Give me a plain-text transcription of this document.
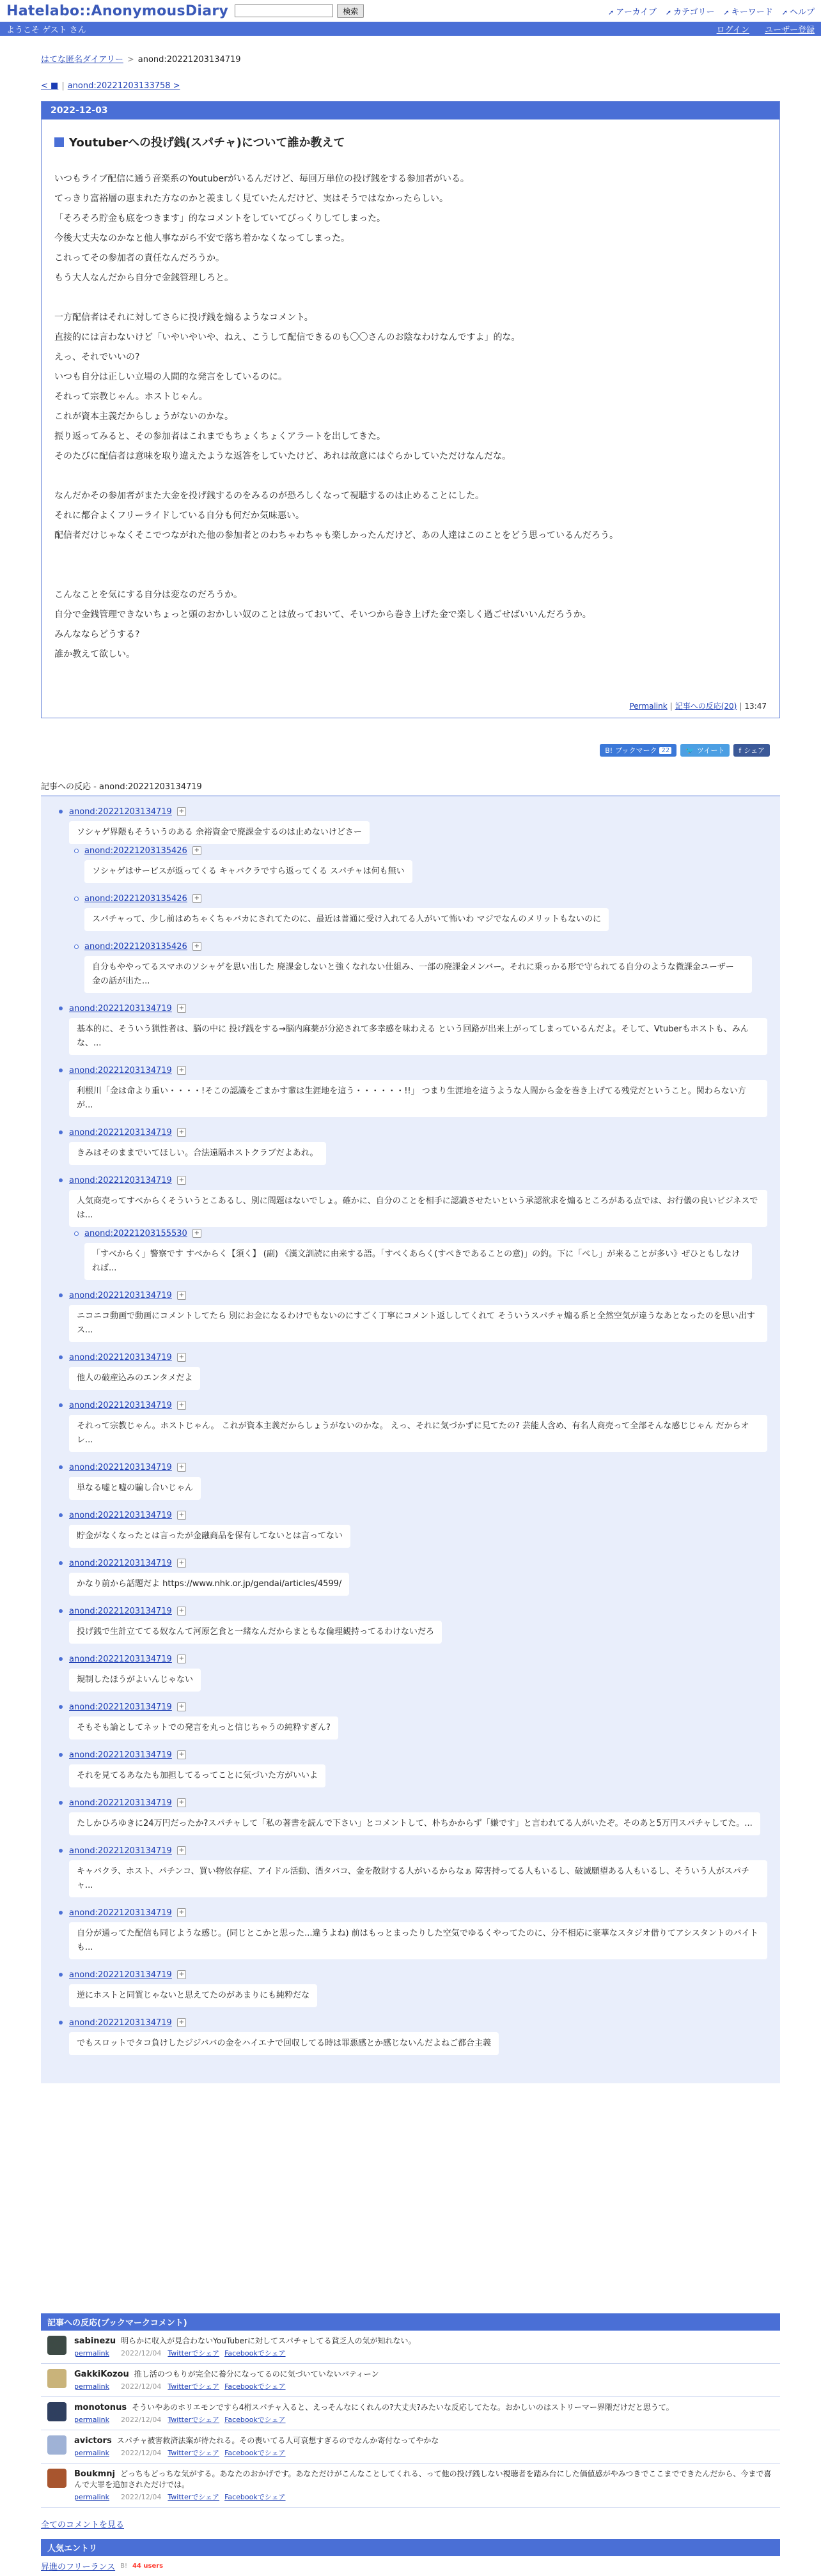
Hatelabo::AnonymousDiary	検索	➚ アーカイブ ➚ カテゴリー ➚ キーワード ➚ ヘルプ
ようこそ ゲスト さん	ログイン ユーザー登録
はてな匿名ダイアリー > anond:20221203134719
< ■ | anond:20221203133758 >
2022-12-03
Youtuberへの投げ銭(スパチャ)について誰か教えて

いつもライブ配信に通う音楽系のYoutuberがいるんだけど、毎回万単位の投げ銭をする参加者がいる。

てっきり富裕層の恵まれた方なのかと羨ましく見ていたんだけど、実はそうではなかったらしい。

「そろそろ貯金も底をつきます」的なコメントをしていてびっくりしてしまった。

今後大丈夫なのかなと他人事ながら不安で落ち着かなくなってしまった。

これってその参加者の責任なんだろうか。

もう大人なんだから自分で金銭管理しろと。

一方配信者はそれに対してさらに投げ銭を煽るようなコメント。

直接的には言わないけど「いやいやいや、ねえ、こうして配信できるのも〇〇さんのお陰なわけなんですよ」的な。

えっ、それでいいの?

いつも自分は正しい立場の人間的な発言をしているのに。

それって宗教じゃん。ホストじゃん。

これが資本主義だからしょうがないのかな。

振り返ってみると、その参加者はこれまでもちょくちょくアラートを出してきた。

そのたびに配信者は意味を取り違えたような返答をしていたけど、あれは故意にはぐらかしていただけなんだな。

なんだかその参加者がまた大金を投げ銭するのをみるのが恐ろしくなって視聴するのは止めることにした。

それに都合よくフリーライドしている自分も何だか気味悪い。

配信者だけじゃなくそこでつながれた他の参加者とのわちゃわちゃも楽しかったんだけど、あの人達はこのことをどう思っているんだろう。

こんなことを気にする自分は変なのだろうか。

自分で金銭管理できないちょっと頭のおかしい奴のことは放っておいて、そいつから巻き上げた金で楽しく過ごせばいいんだろうか。

みんなならどうする?

誰か教えて欲しい。

Permalink | 記事への反応(20) | 13:47
B! ブックマーク 22 🐦 ツイート f シェア
記事への反応 - anond:20221203134719
anond:20221203134719 +
ソシャゲ界隈もそういうのある 余裕資金で廃課金するのは止めないけどさー
anond:20221203135426 +
ソシャゲはサービスが返ってくる キャバクラですら返ってくる スパチャは何も無い
anond:20221203135426 +
スパチャって、少し前はめちゃくちゃバカにされてたのに、最近は普通に受け入れてる人がいて怖いわ マジでなんのメリットもないのに
anond:20221203135426 +
自分もややってるスマホのソシャゲを思い出した 廃課金しないと強くなれない仕組み、一部の廃課金メンバー。それに乗っかる形で守られてる自分のような微課金ユーザー 金の話が出た...
anond:20221203134719 +
基本的に、そういう猟性者は、脳の中に 投げ銭をする→脳内麻薬が分泌されて多幸感を味わえる という回路が出来上がってしまっているんだよ。そして、Vtuberもホストも、みんな、...
anond:20221203134719 +
利根川「金は命より重い・・・・!そこの認識をごまかす輩は生涯地を這う・・・・・・!!」 つまり生涯地を這うような人間から金を巻き上げてる残党だということ。関わらない方が...
anond:20221203134719 +
きみはそのままでいてほしい。合法遠隔ホストクラブだよあれ。
anond:20221203134719 +
人気商売ってすべからくそういうとこあるし、別に問題はないでしょ。確かに、自分のことを相手に認識させたいという承認欲求を煽るところがある点では、お行儀の良いビジネスでは...
anond:20221203155530 +
「すべからく」警察です すべからく【須く】 (副) 《漢文訓読に由来する語。「すべくあらく(すべきであることの意)」の約。下に「べし」が来ることが多い》ぜひともしなければ...
anond:20221203134719 +
ニコニコ動画で動画にコメントしてたら 別にお金になるわけでもないのにすごく丁寧にコメント返ししてくれて そういうスパチャ煽る系と全然空気が違うなあとなったのを思い出す ス...
anond:20221203134719 +
他人の破産込みのエンタメだよ
anond:20221203134719 +
それって宗教じゃん。ホストじゃん。 これが資本主義だからしょうがないのかな。 えっ、それに気づかずに見てたの? 芸能人含め、有名人商売って全部そんな感じじゃん だからオレ...
anond:20221203134719 +
単なる嘘と嘘の騙し合いじゃん
anond:20221203134719 +
貯金がなくなったとは言ったが金融商品を保有してないとは言ってない
anond:20221203134719 +
かなり前から話題だよ https://www.nhk.or.jp/gendai/articles/4599/
anond:20221203134719 +
投げ銭で生計立ててる奴なんて河原乞食と一緒なんだからまともな倫理観持ってるわけないだろ
anond:20221203134719 +
規制したほうがよいんじゃない
anond:20221203134719 +
そもそも論としてネットでの発言を丸っと信じちゃうの純粋すぎん?
anond:20221203134719 +
それを見てるあなたも加担してるってことに気づいた方がいいよ
anond:20221203134719 +
たしかひろゆきに24万円だったか?スパチャして「私の著書を読んで下さい」とコメントして、朴ちかからず「嫌です」と言われてる人がいたぞ。そのあと5万円スパチャしてた。...
anond:20221203134719 +
キャバクラ、ホスト、パチンコ、買い物依存症、アイドル活動、酒タバコ、金を散財する人がいるからなぁ 障害持ってる人もいるし、破滅願望ある人もいるし、そういう人がスパチャ...
anond:20221203134719 +
自分が通ってた配信も同じような感じ。(同じとこかと思った...違うよね) 前はもっとまったりした空気でゆるくやってたのに、分不相応に豪華なスタジオ借りてアシスタントのバイトも...
anond:20221203134719 +
逆にホストと同質じゃないと思えてたのがあまりにも純粋だな
anond:20221203134719 +
でもスロットでタコ負けしたジジババの金をハイエナで回収してる時は罪悪感とか感じないんだよねご都合主義
記事への反応(ブックマークコメント)
sabinezu 明らかに収入が見合わないYouTuberに対してスパチャしてる貧乏人の気が知れない。
permalink 2022/12/04 Twitterでシェア Facebookでシェア
GakkiKozou 推し活のつもりが完全に養分になってるのに気づいていないパティーン
permalink 2022/12/04 Twitterでシェア Facebookでシェア
monotonus そういやあのホリエモンですら4桁スパチャ入ると、えっそんなにくれんの?大丈夫?みたいな反応してたな。おかしいのはストリーマー界隈だけだと思うて。
permalink 2022/12/04 Twitterでシェア Facebookでシェア
avictors スパチャ被害救済法案が待たれる。その喪いてる人可哀想すぎるのでなんか寄付なってやかな
permalink 2022/12/04 Twitterでシェア Facebookでシェア
Boukmnj どっちもどっちな気がする。あなたのおかげです。あなただけがこんなことしてくれる、って他の投げ銭しない視聴者を踏み台にした価値感がやみつきでここまでできたんだから、今まで喜んで大罪を追加されただけでは。
permalink 2022/12/04 Twitterでシェア Facebookでシェア
全てのコメントを見る
人気エントリ
昇進のフリーランス B! 44 users
